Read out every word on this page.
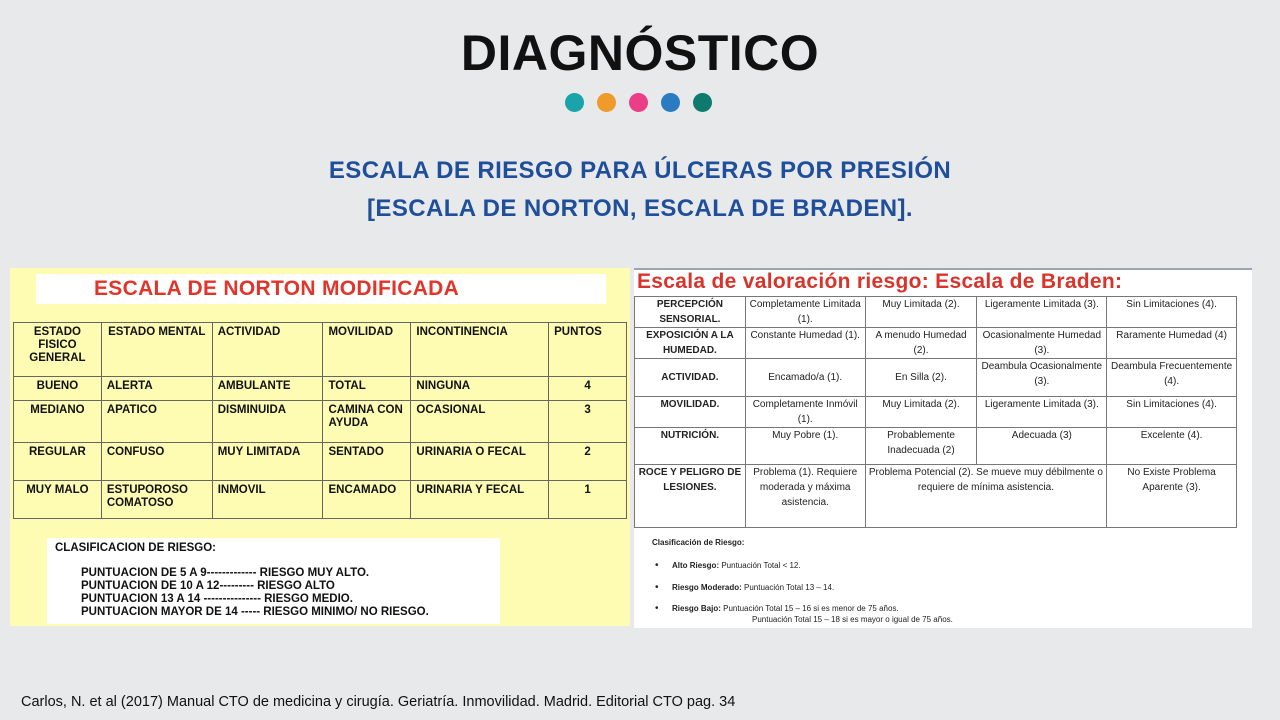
DIAGNÓSTICO
ESCALA DE RIESGO PARA ÚLCERAS POR PRESIÓN
[ESCALA DE NORTON, ESCALA DE BRADEN].
ESCALA DE NORTON MODIFICADA
ESTADO FISICO GENERAL	ESTADO MENTAL	ACTIVIDAD	MOVILIDAD	INCONTINENCIA	PUNTOS
BUENO	ALERTA	AMBULANTE	TOTAL	NINGUNA	4
MEDIANO	APATICO	DISMINUIDA	CAMINA CON AYUDA	OCASIONAL	3
REGULAR	CONFUSO	MUY LIMITADA	SENTADO	URINARIA O FECAL	2
MUY MALO	ESTUPOROSO COMATOSO	INMOVIL	ENCAMADO	URINARIA Y FECAL	1
CLASIFICACION DE RIESGO:
PUNTUACION DE 5 A 9------------- RIESGO MUY ALTO.
PUNTUACION DE 10 A 12--------- RIESGO ALTO
PUNTUACION 13 A 14 --------------- RIESGO MEDIO.
PUNTUACION MAYOR DE 14 ----- RIESGO MINIMO/ NO RIESGO.
Escala de valoración riesgo: Escala de Braden:
PERCEPCIÓN SENSORIAL.	Completamente Limitada (1).	Muy Limitada (2).	Ligeramente Limitada (3).	Sin Limitaciones (4).
EXPOSICIÓN A LA HUMEDAD.	Constante Humedad (1).	A menudo Humedad (2).	Ocasionalmente Humedad (3).	Raramente Humedad (4)
ACTIVIDAD.	Encamado/a (1).	En Silla (2).	Deambula Ocasionalmente (3).	Deambula Frecuentemente (4).
MOVILIDAD.	Completamente Inmóvil (1).	Muy Limitada (2).	Ligeramente Limitada (3).	Sin Limitaciones (4).
NUTRICIÓN.	Muy Pobre (1).	Probablemente Inadecuada (2)	Adecuada (3)	Excelente (4).
ROCE Y PELIGRO DE LESIONES.	Problema (1). Requiere moderada y máxima asistencia.	Problema Potencial (2). Se mueve muy débilmente o requiere de mínima asistencia.		No Existe Problema Aparente (3).
Clasificación de Riesgo:
• Alto Riesgo: Puntuación Total < 12.
• Riesgo Moderado: Puntuación Total 13 – 14.
• Riesgo Bajo: Puntuación Total 15 – 16 si es menor de 75 años.
Puntuación Total 15 – 18 si es mayor o igual de 75 años.
Carlos, N. et al (2017) Manual CTO de medicina y cirugía. Geriatría. Inmovilidad. Madrid. Editorial CTO pag. 34
